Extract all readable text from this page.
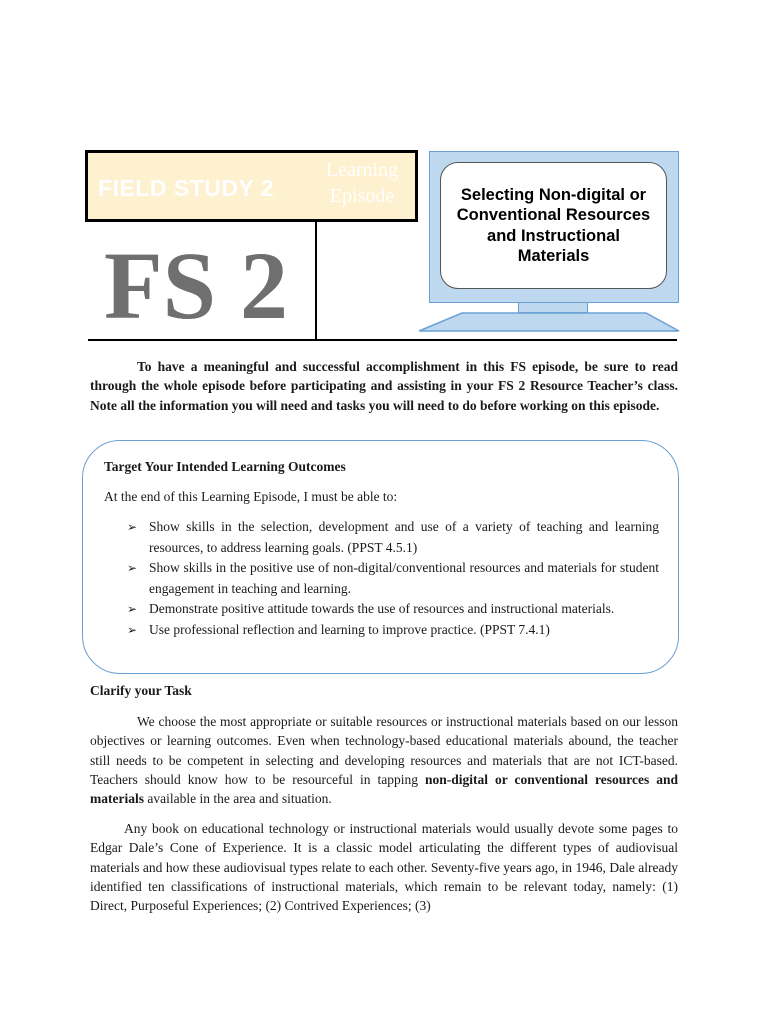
FIELD STUDY 2
Learning
Episode
FS 2
Selecting Non-digital or Conventional Resources and Instructional Materials

To have a meaningful and successful accomplishment in this FS episode, be sure to read through the whole episode before participating and assisting in your FS 2 Resource Teacher’s class. Note all the information you will need and tasks you will need to do before working on this episode.

Target Your Intended Learning Outcomes
At the end of this Learning Episode, I must be able to:
➢ Show skills in the selection, development and use of a variety of teaching and learning resources, to address learning goals. (PPST 4.5.1)
➢ Show skills in the positive use of non-digital/conventional resources and materials for student engagement in teaching and learning.
➢ Demonstrate positive attitude towards the use of resources and instructional materials.
➢ Use professional reflection and learning to improve practice. (PPST 7.4.1)
Clarify your Task

We choose the most appropriate or suitable resources or instructional materials based on our lesson objectives or learning outcomes. Even when technology-based educational materials abound, the teacher still needs to be competent in selecting and developing resources and materials that are not ICT-based. Teachers should know how to be resourceful in tapping non-digital or conventional resources and materials available in the area and situation.

Any book on educational technology or instructional materials would usually devote some pages to Edgar Dale’s Cone of Experience. It is a classic model articulating the different types of audiovisual materials and how these audiovisual types relate to each other. Seventy-five years ago, in 1946, Dale already identified ten classifications of instructional materials, which remain to be relevant today, namely: (1) Direct, Purposeful Experiences; (2) Contrived Experiences; (3)
